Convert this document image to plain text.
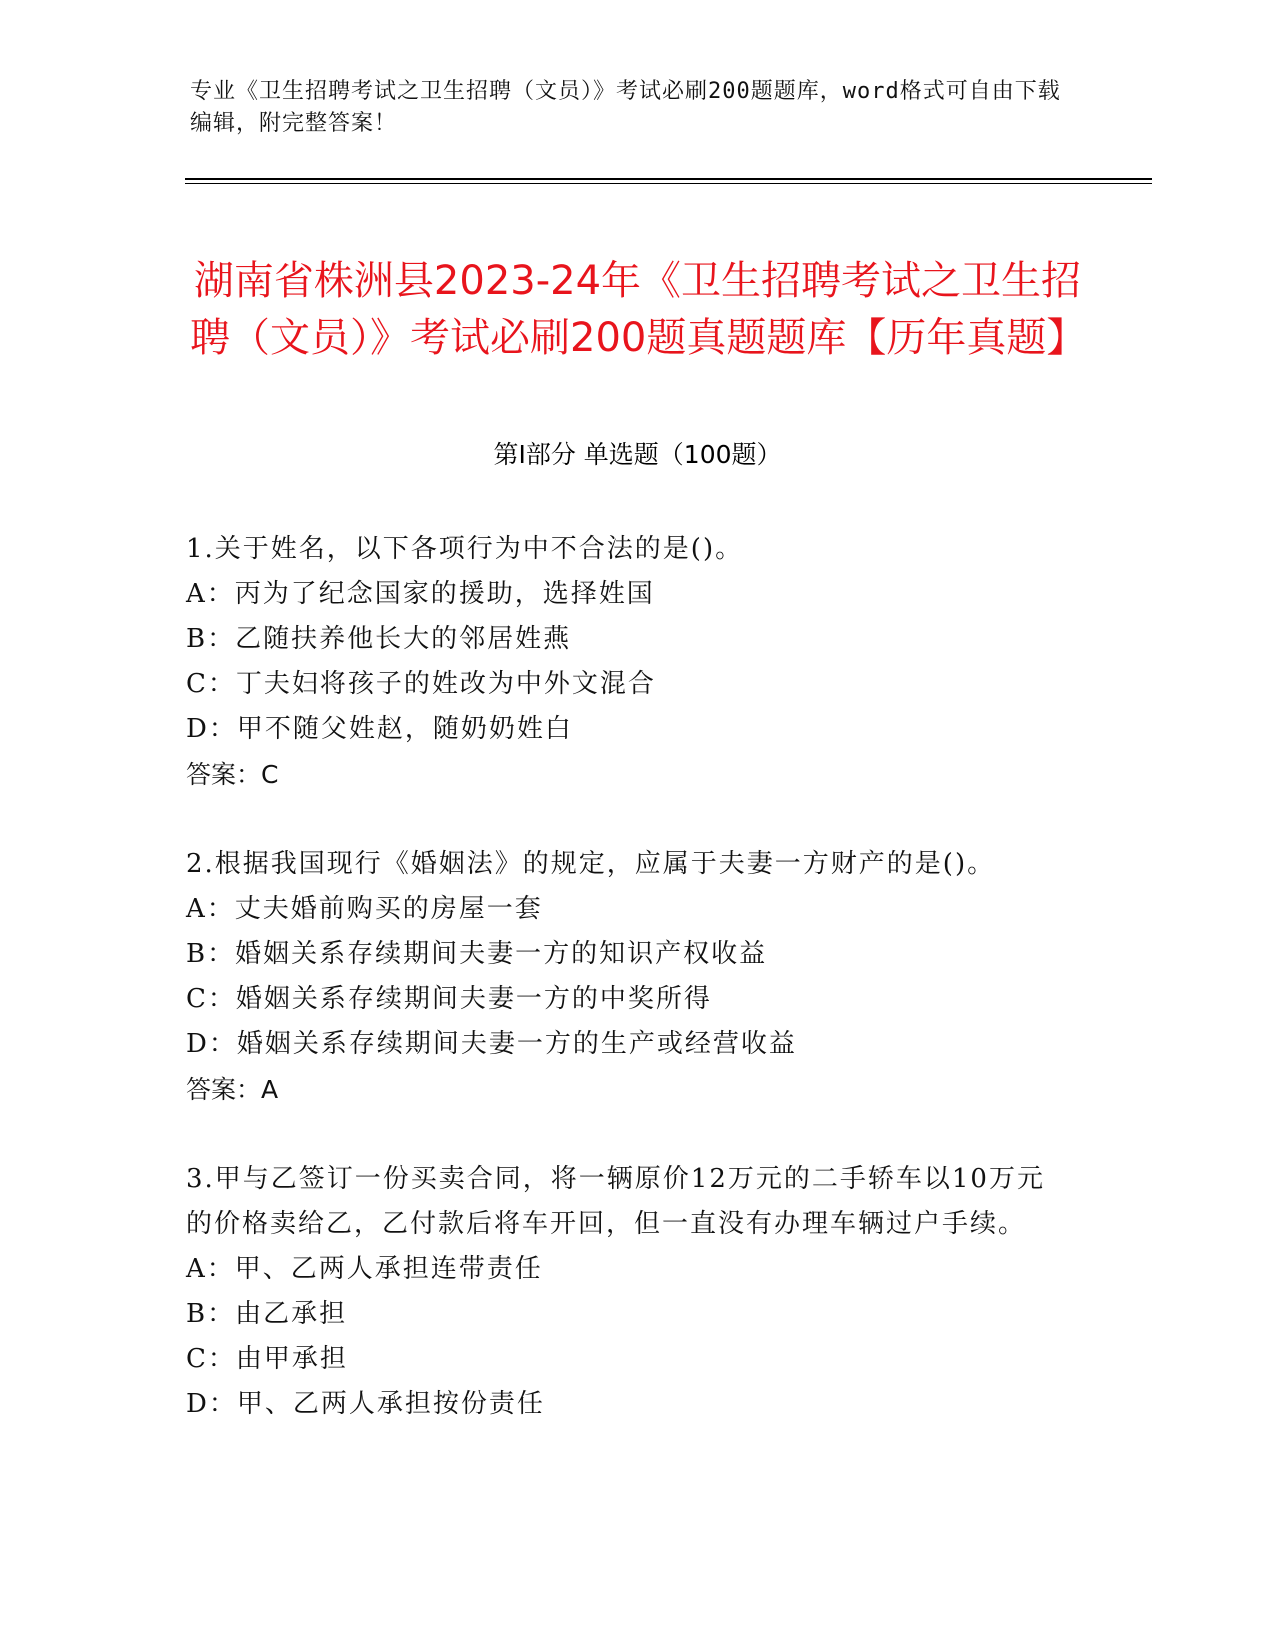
专业《卫生招聘考试之卫生招聘（文员）》考试必刷200题题库，word格式可自由下载编辑，附完整答案！
湖南省株洲县2023-24年《卫生招聘考试之卫生招聘（文员）》考试必刷200题真题题库【历年真题】
第I部分 单选题（100题）

1.关于姓名，以下各项行为中不合法的是()。

A：丙为了纪念国家的援助，选择姓国

B：乙随扶养他长大的邻居姓燕

C：丁夫妇将孩子的姓改为中外文混合

D：甲不随父姓赵，随奶奶姓白

答案：C

2.根据我国现行《婚姻法》的规定，应属于夫妻一方财产的是()。

A：丈夫婚前购买的房屋一套

B：婚姻关系存续期间夫妻一方的知识产权收益

C：婚姻关系存续期间夫妻一方的中奖所得

D：婚姻关系存续期间夫妻一方的生产或经营收益

答案：A

3.甲与乙签订一份买卖合同，将一辆原价12万元的二手轿车以10万元的价格卖给乙，乙付款后将车开回，但一直没有办理车辆过户手续。

A：甲、乙两人承担连带责任

B：由乙承担

C：由甲承担

D：甲、乙两人承担按份责任
